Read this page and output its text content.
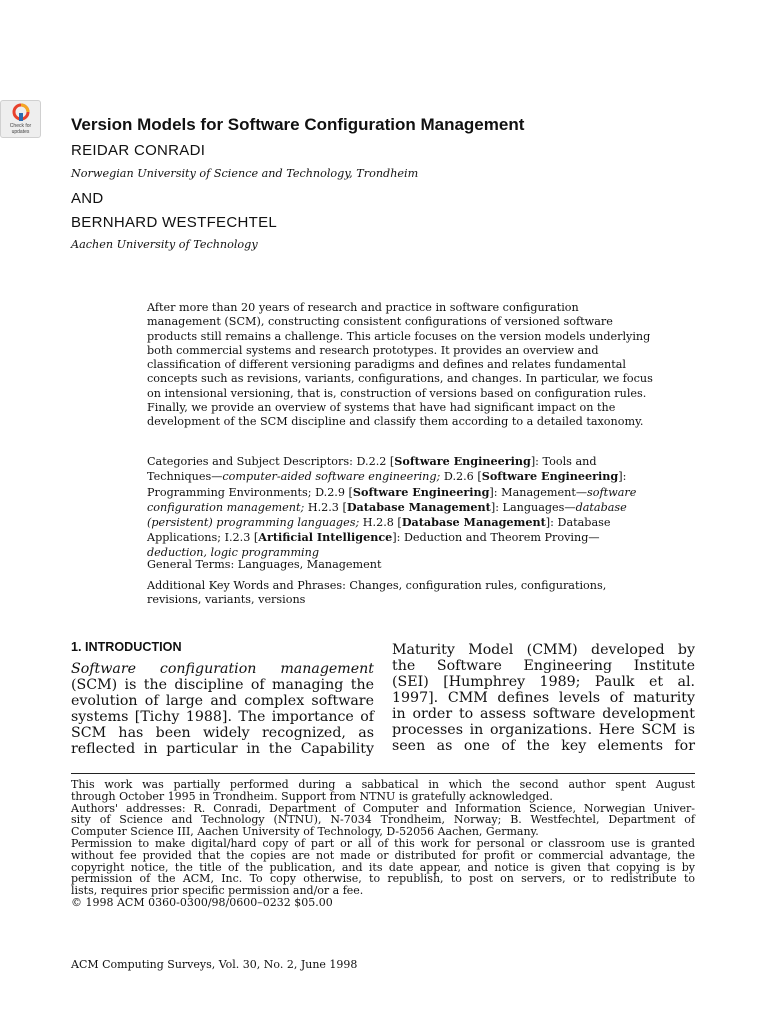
Check for
updates	Version Models for Software Configuration Management
REIDAR CONRADI
Norwegian University of Science and Technology, Trondheim
AND
BERNHARD WESTFECHTEL
Aachen University of Technology
After more than 20 years of research and practice in software configuration management (SCM), constructing consistent configurations of versioned software products still remains a challenge. This article focuses on the version models underlying both commercial systems and research prototypes. It provides an overview and classification of different versioning paradigms and defines and relates fundamental concepts such as revisions, variants, configurations, and changes. In particular, we focus on intensional versioning, that is, construction of versions based on configuration rules. Finally, we provide an overview of systems that have had significant impact on the development of the SCM discipline and classify them according to a detailed taxonomy.
Categories and Subject Descriptors: D.2.2 [Software Engineering]: Tools and Techniques—computer-aided software engineering; D.2.6 [Software Engineering]: Programming Environments; D.2.9 [Software Engineering]: Management—software configuration management; H.2.3 [Database Management]: Languages—database (persistent) programming languages; H.2.8 [Database Management]: Database Applications; I.2.3 [Artificial Intelligence]: Deduction and Theorem Proving—deduction, logic programming
General Terms: Languages, Management
Additional Key Words and Phrases: Changes, configuration rules, configurations, revisions, variants, versions
1. INTRODUCTION
Software configuration management
(SCM) is the discipline of managing the
evolution of large and complex software
systems [Tichy 1988]. The importance of
SCM has been widely recognized, as
reflected in particular in the Capability
Maturity Model (CMM) developed by
the Software Engineering Institute
(SEI) [Humphrey 1989; Paulk et al.
1997]. CMM defines levels of maturity
in order to assess software development
processes in organizations. Here SCM is
seen as one of the key elements for
This work was partially performed during a sabbatical in which the second author spent August
through October 1995 in Trondheim. Support from NTNU is gratefully acknowledged.
Authors' addresses: R. Conradi, Department of Computer and Information Science, Norwegian Univer-
sity of Science and Technology (NTNU), N-7034 Trondheim, Norway; B. Westfechtel, Department of
Computer Science III, Aachen University of Technology, D-52056 Aachen, Germany.
Permission to make digital/hard copy of part or all of this work for personal or classroom use is granted
without fee provided that the copies are not made or distributed for profit or commercial advantage, the
copyright notice, the title of the publication, and its date appear, and notice is given that copying is by
permission of the ACM, Inc. To copy otherwise, to republish, to post on servers, or to redistribute to
lists, requires prior specific permission and/or a fee.
© 1998 ACM 0360-0300/98/0600–0232 $05.00
ACM Computing Surveys, Vol. 30, No. 2, June 1998
